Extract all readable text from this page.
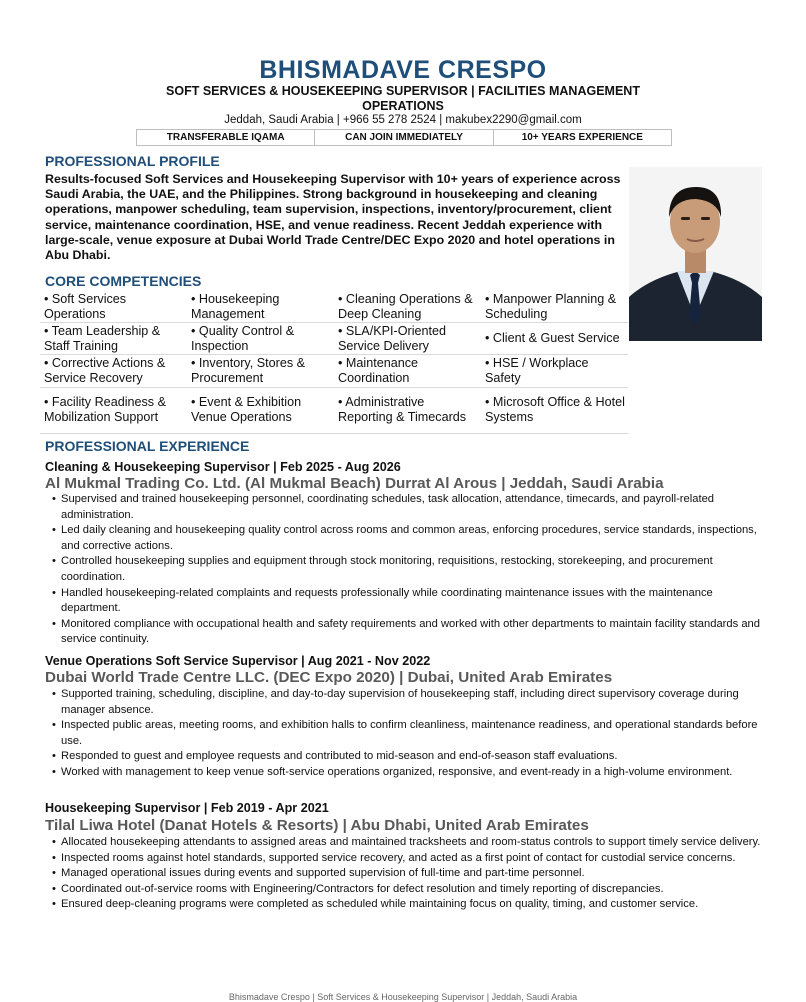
BHISMADAVE CRESPO
SOFT SERVICES & HOUSEKEEPING SUPERVISOR | FACILITIES MANAGEMENT OPERATIONS
Jeddah, Saudi Arabia | +966 55 278 2524 | makubex2290@gmail.com
TRANSFERABLE IQAMA	CAN JOIN IMMEDIATELY	10+ YEARS EXPERIENCE
PROFESSIONAL PROFILE
Results-focused Soft Services and Housekeeping Supervisor with 10+ years of experience across Saudi Arabia, the UAE, and the Philippines. Strong background in housekeeping and cleaning operations, manpower scheduling, team supervision, inspections, inventory/procurement, client service, maintenance coordination, HSE, and venue readiness. Recent Jeddah experience with large-scale, venue exposure at Dubai World Trade Centre/DEC Expo 2020 and hotel operations in Abu Dhabi.
CORE COMPETENCIES
• Soft Services Operations	• Housekeeping Management	• Cleaning Operations & Deep Cleaning	• Manpower Planning & Scheduling
• Team Leadership & Staff Training	• Quality Control & Inspection	• SLA/KPI-Oriented Service Delivery	• Client & Guest Service
• Corrective Actions & Service Recovery	• Inventory, Stores & Procurement	• Maintenance Coordination	• HSE / Workplace Safety
• Facility Readiness & Mobilization Support	• Event & Exhibition Venue Operations	• Administrative Reporting & Timecards	• Microsoft Office & Hotel Systems
PROFESSIONAL EXPERIENCE
Cleaning & Housekeeping Supervisor | Feb 2025 - Aug 2026
Al Mukmal Trading Co. Ltd. (Al Mukmal Beach) Durrat Al Arous | Jeddah, Saudi Arabia
• Supervised and trained housekeeping personnel, coordinating schedules, task allocation, attendance, timecards, and payroll-related administration.
• Led daily cleaning and housekeeping quality control across rooms and common areas, enforcing procedures, service standards, inspections, and corrective actions.
• Controlled housekeeping supplies and equipment through stock monitoring, requisitions, restocking, storekeeping, and procurement coordination.
• Handled housekeeping-related complaints and requests professionally while coordinating maintenance issues with the maintenance department.
• Monitored compliance with occupational health and safety requirements and worked with other departments to maintain facility standards and service continuity.
Venue Operations Soft Service Supervisor | Aug 2021 - Nov 2022
Dubai World Trade Centre LLC. (DEC Expo 2020) | Dubai, United Arab Emirates
• Supported training, scheduling, discipline, and day-to-day supervision of housekeeping staff, including direct supervisory coverage during manager absence.
• Inspected public areas, meeting rooms, and exhibition halls to confirm cleanliness, maintenance readiness, and operational standards before use.
• Responded to guest and employee requests and contributed to mid-season and end-of-season staff evaluations.
• Worked with management to keep venue soft-service operations organized, responsive, and event-ready in a high-volume environment.
Housekeeping Supervisor | Feb 2019 - Apr 2021
Tilal Liwa Hotel (Danat Hotels & Resorts) | Abu Dhabi, United Arab Emirates
• Allocated housekeeping attendants to assigned areas and maintained tracksheets and room-status controls to support timely service delivery.
• Inspected rooms against hotel standards, supported service recovery, and acted as a first point of contact for custodial service concerns.
• Managed operational issues during events and supported supervision of full-time and part-time personnel.
• Coordinated out-of-service rooms with Engineering/Contractors for defect resolution and timely reporting of discrepancies.
• Ensured deep-cleaning programs were completed as scheduled while maintaining focus on quality, timing, and customer service.
Bhismadave Crespo | Soft Services & Housekeeping Supervisor | Jeddah, Saudi Arabia
